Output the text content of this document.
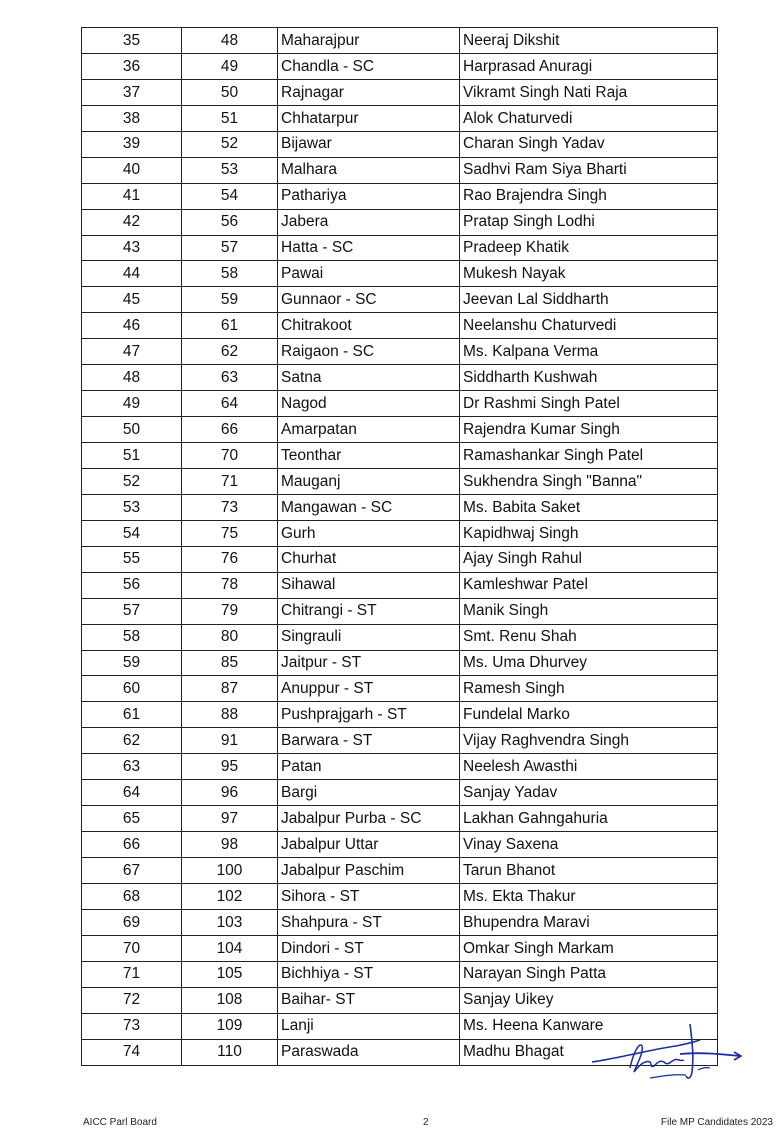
35	48	Maharajpur	Neeraj Dikshit
36	49	Chandla - SC	Harprasad Anuragi
37	50	Rajnagar	Vikramt Singh Nati Raja
38	51	Chhatarpur	Alok Chaturvedi
39	52	Bijawar	Charan Singh Yadav
40	53	Malhara	Sadhvi Ram Siya Bharti
41	54	Pathariya	Rao Brajendra Singh
42	56	Jabera	Pratap Singh Lodhi
43	57	Hatta - SC	Pradeep Khatik
44	58	Pawai	Mukesh Nayak
45	59	Gunnaor - SC	Jeevan Lal Siddharth
46	61	Chitrakoot	Neelanshu Chaturvedi
47	62	Raigaon - SC	Ms. Kalpana Verma
48	63	Satna	Siddharth Kushwah
49	64	Nagod	Dr Rashmi Singh Patel
50	66	Amarpatan	Rajendra Kumar Singh
51	70	Teonthar	Ramashankar Singh Patel
52	71	Mauganj	Sukhendra Singh "Banna"
53	73	Mangawan - SC	Ms. Babita Saket
54	75	Gurh	Kapidhwaj Singh
55	76	Churhat	Ajay Singh Rahul
56	78	Sihawal	Kamleshwar Patel
57	79	Chitrangi - ST	Manik Singh
58	80	Singrauli	Smt. Renu Shah
59	85	Jaitpur - ST	Ms. Uma Dhurvey
60	87	Anuppur - ST	Ramesh Singh
61	88	Pushprajgarh - ST	Fundelal Marko
62	91	Barwara - ST	Vijay Raghvendra Singh
63	95	Patan	Neelesh Awasthi
64	96	Bargi	Sanjay Yadav
65	97	Jabalpur Purba - SC	Lakhan Gahngahuria
66	98	Jabalpur Uttar	Vinay Saxena
67	100	Jabalpur Paschim	Tarun Bhanot
68	102	Sihora - ST	Ms. Ekta Thakur
69	103	Shahpura - ST	Bhupendra Maravi
70	104	Dindori - ST	Omkar Singh Markam
71	105	Bichhiya - ST	Narayan Singh Patta
72	108	Baihar- ST	Sanjay Uikey
73	109	Lanji	Ms. Heena Kanware
74	110	Paraswada	Madhu Bhagat
AICC Parl Board	2	File MP Candidates 2023
